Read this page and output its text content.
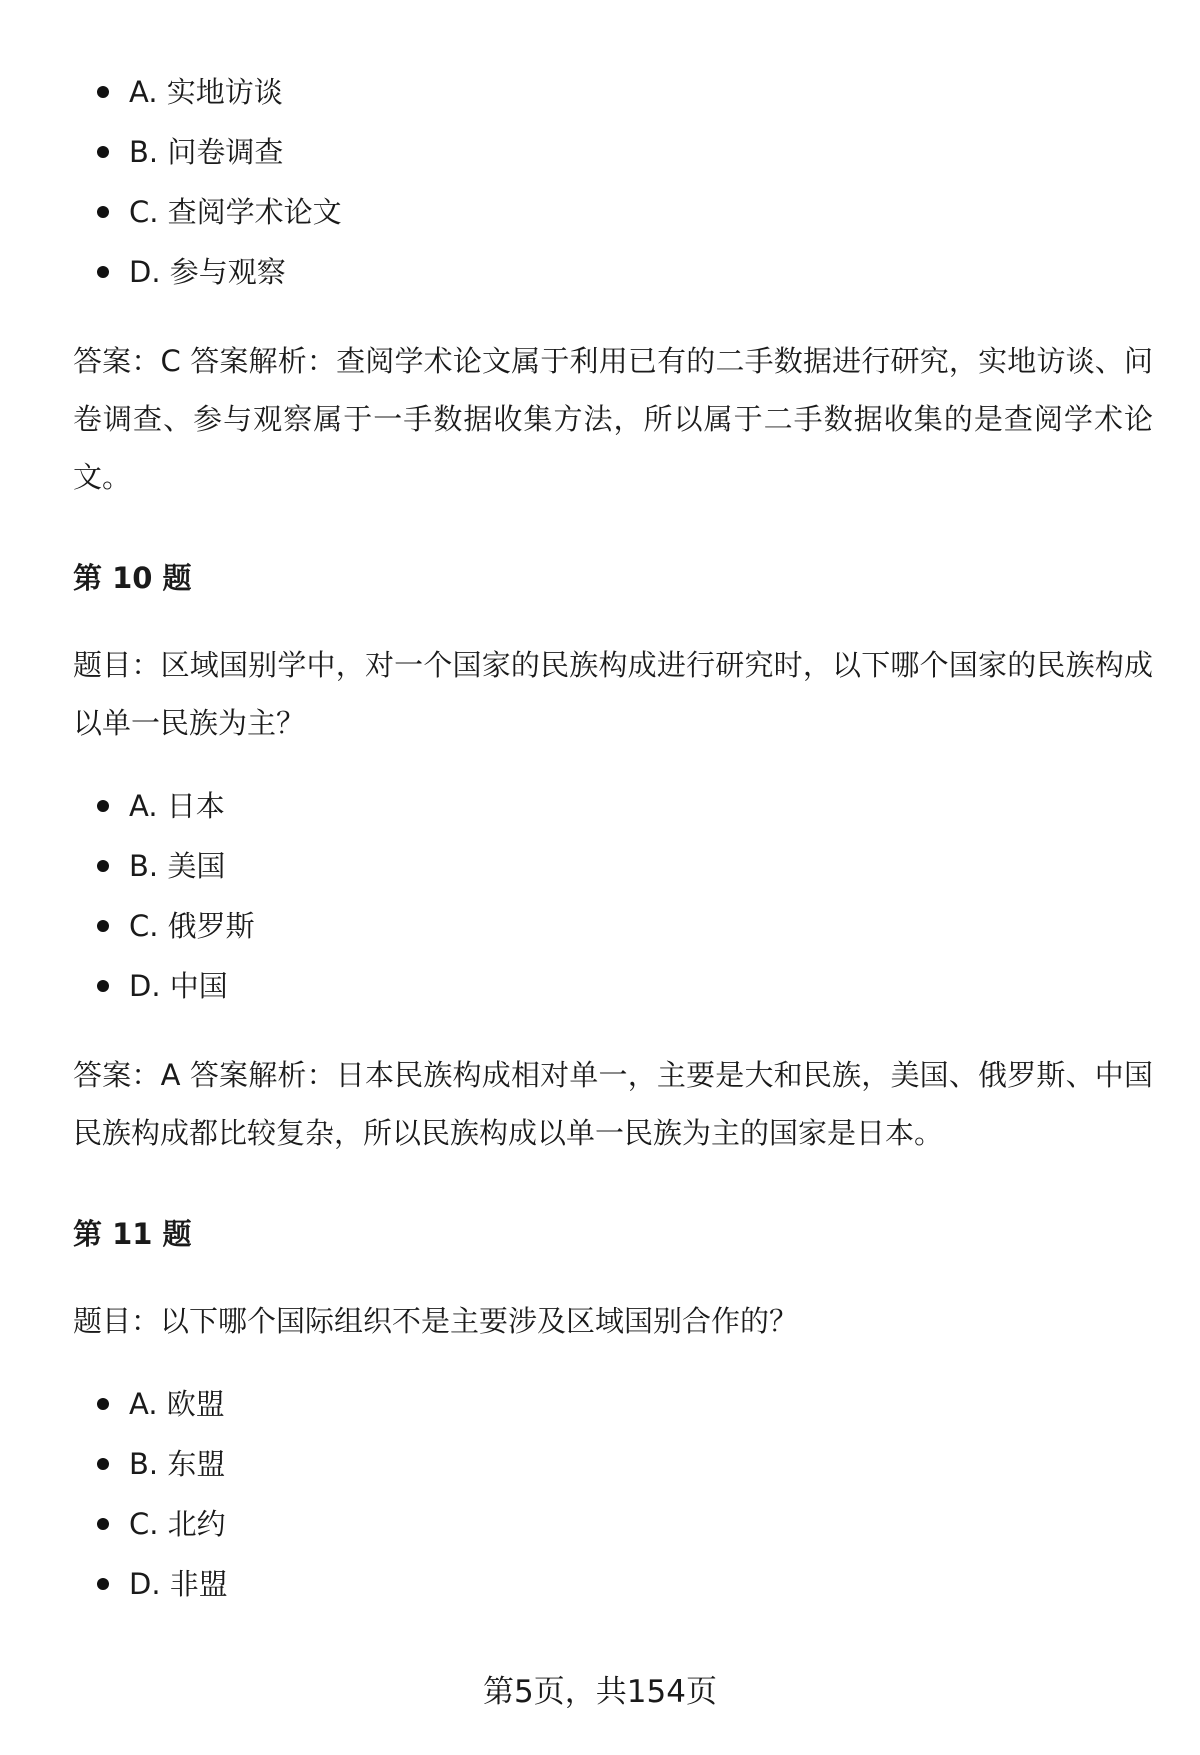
A. 实地访谈
B. 问卷调查
C. 查阅学术论文
D. 参与观察

答案：C 答案解析：查阅学术论文属于利用已有的二手数据进行研究，实地访谈、问卷调查、参与观察属于一手数据收集方法，所以属于二手数据收集的是查阅学术论文。

第 10 题

题目：区域国别学中，对一个国家的民族构成进行研究时，以下哪个国家的民族构成以单一民族为主？

A. 日本
B. 美国
C. 俄罗斯
D. 中国

答案：A 答案解析：日本民族构成相对单一，主要是大和民族，美国、俄罗斯、中国民族构成都比较复杂，所以民族构成以单一民族为主的国家是日本。

第 11 题

题目：以下哪个国际组织不是主要涉及区域国别合作的？

A. 欧盟
B. 东盟
C. 北约
D. 非盟
第5页，共154页
